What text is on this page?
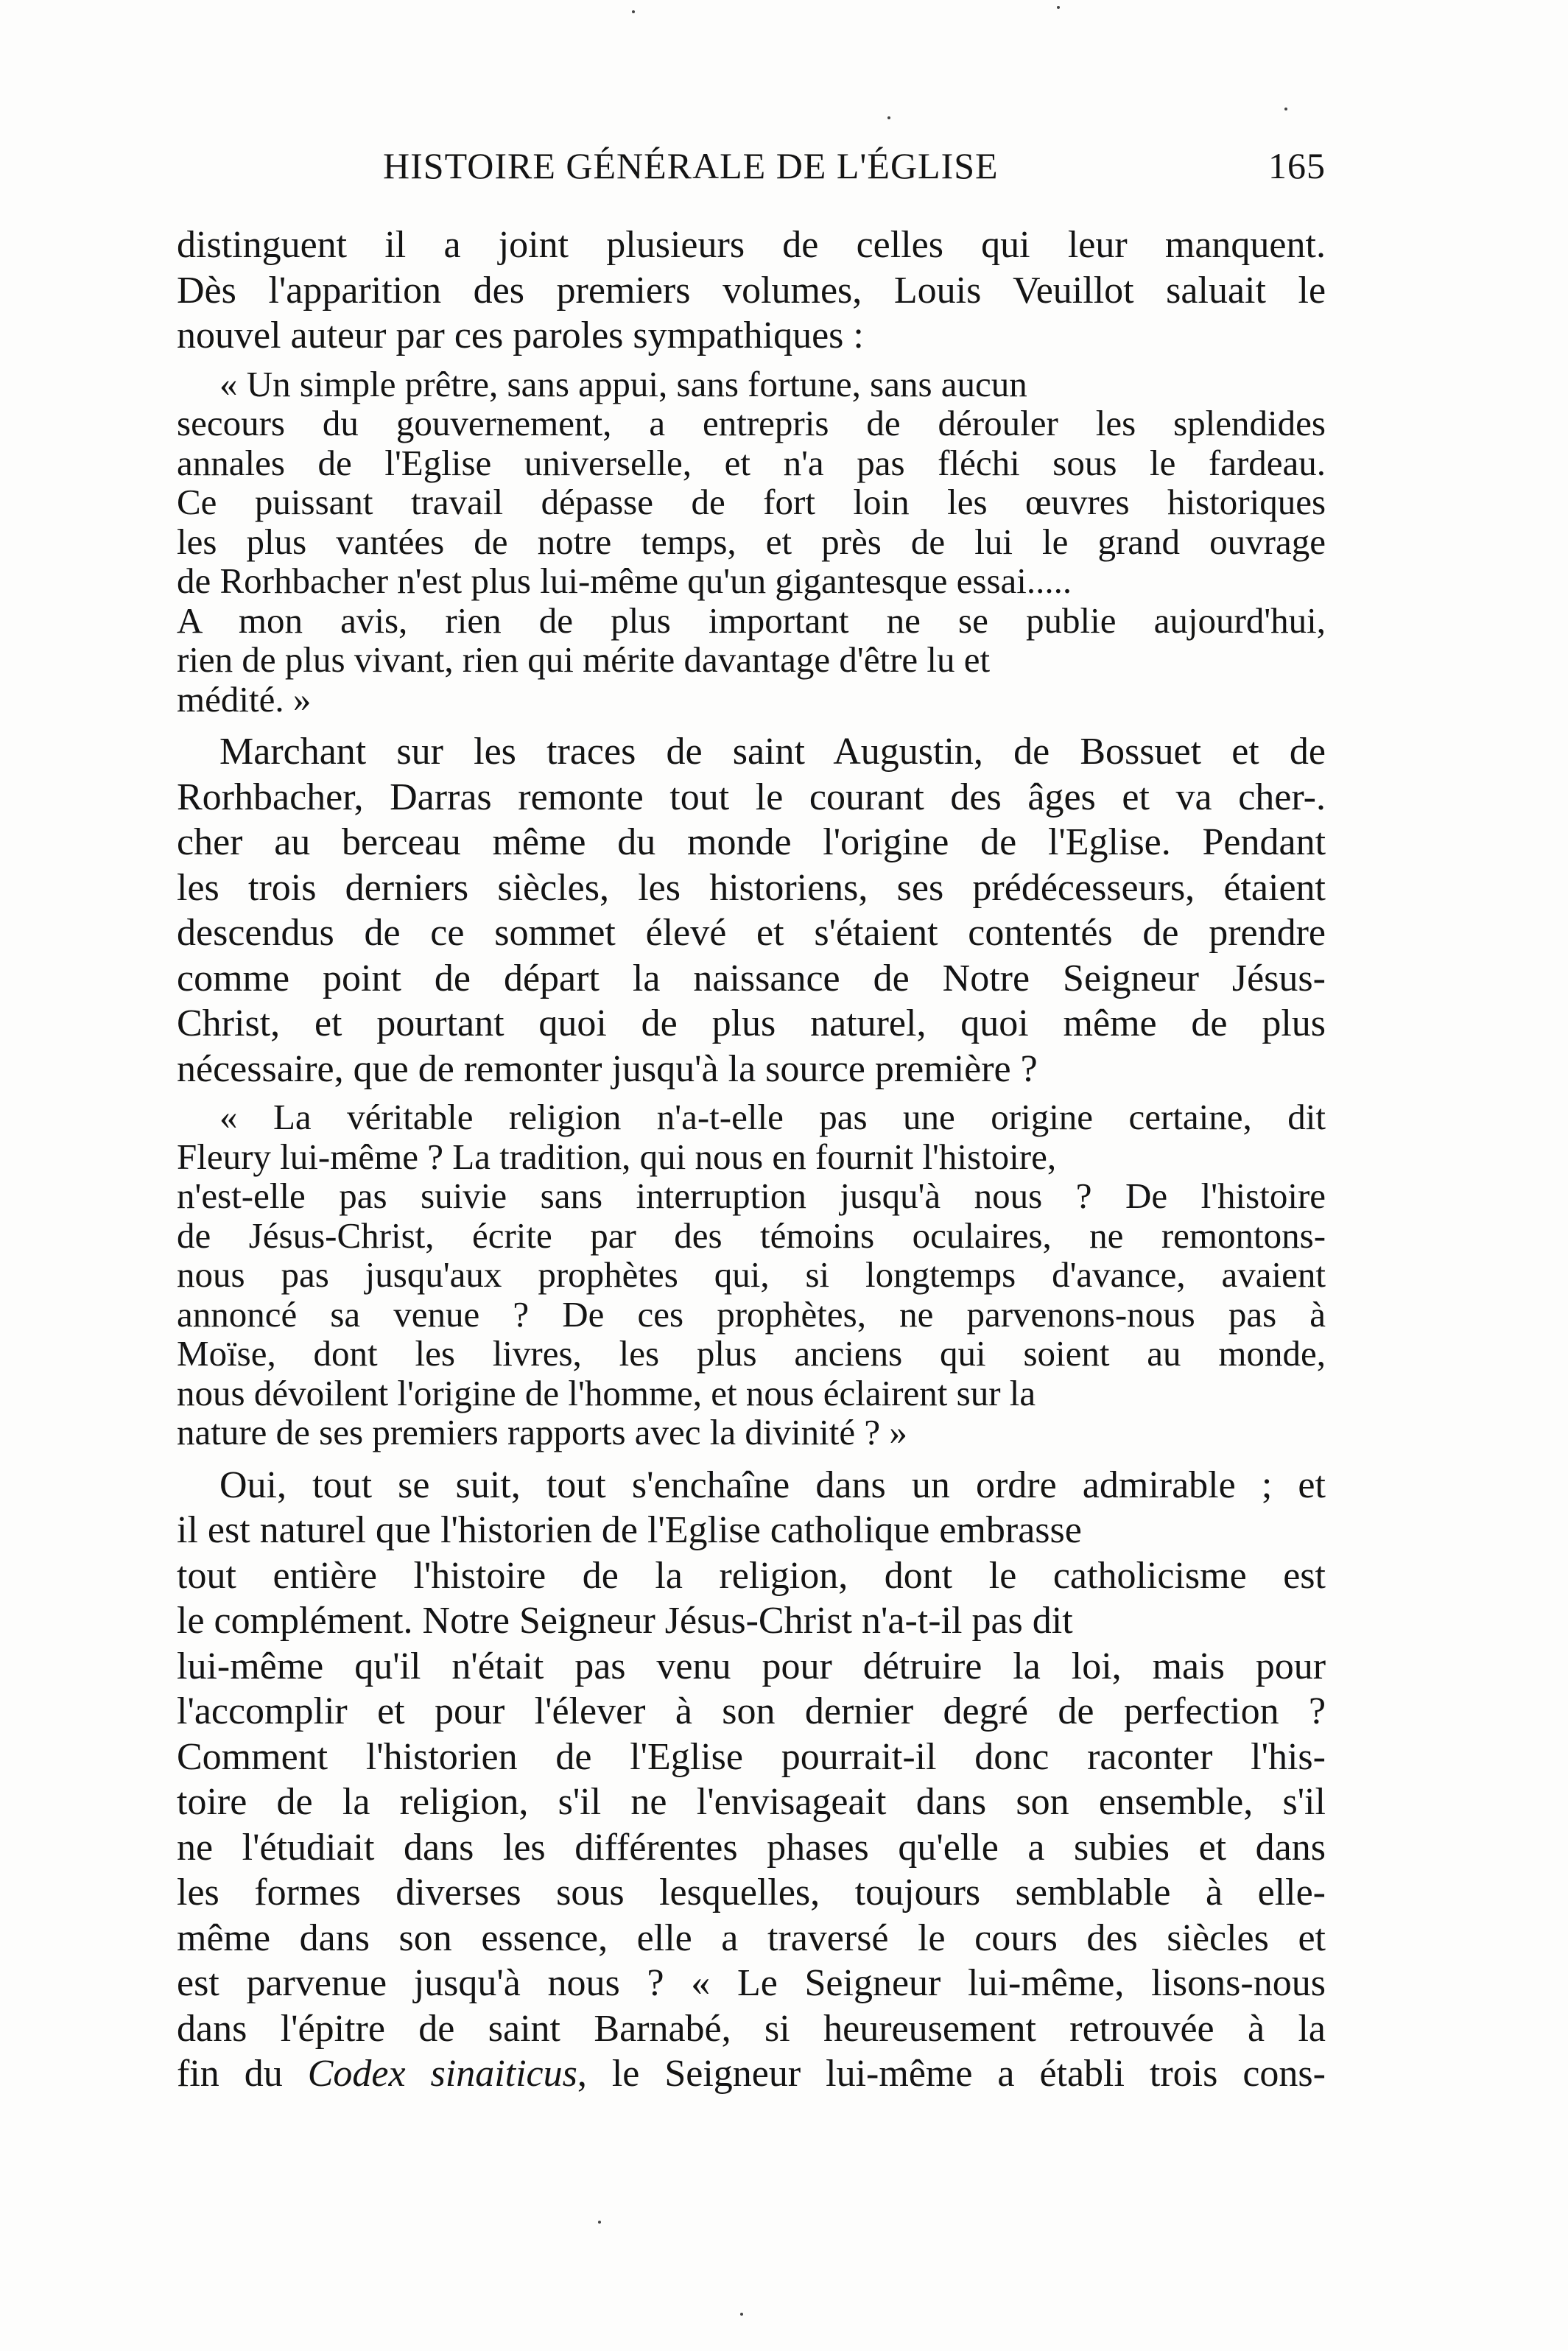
HISTOIRE GÉNÉRALE DE L'ÉGLISE	165
distinguent il a joint plusieurs de celles qui leur manquent.
Dès l'apparition des premiers volumes, Louis Veuillot saluait le
nouvel auteur par ces paroles sympathiques :
« Un simple prêtre, sans appui, sans fortune, sans aucun
secours du gouvernement, a entrepris de dérouler les splendides
annales de l'Eglise universelle, et n'a pas fléchi sous le fardeau.
Ce puissant travail dépasse de fort loin les œuvres historiques
les plus vantées de notre temps, et près de lui le grand ouvrage
de Rorhbacher n'est plus lui-même qu'un gigantesque essai.....
A mon avis, rien de plus important ne se publie aujourd'hui,
rien de plus vivant, rien qui mérite davantage d'être lu et
médité. »
Marchant sur les traces de saint Augustin, de Bossuet et de
Rorhbacher, Darras remonte tout le courant des âges et va cher-.
cher au berceau même du monde l'origine de l'Eglise. Pendant
les trois derniers siècles, les historiens, ses prédécesseurs, étaient
descendus de ce sommet élevé et s'étaient contentés de prendre
comme point de départ la naissance de Notre Seigneur Jésus-
Christ, et pourtant quoi de plus naturel, quoi même de plus
nécessaire, que de remonter jusqu'à la source première ?
« La véritable religion n'a-t-elle pas une origine certaine, dit
Fleury lui-même ? La tradition, qui nous en fournit l'histoire,
n'est-elle pas suivie sans interruption jusqu'à nous ? De l'histoire
de Jésus-Christ, écrite par des témoins oculaires, ne remontons-
nous pas jusqu'aux prophètes qui, si longtemps d'avance, avaient
annoncé sa venue ? De ces prophètes, ne parvenons-nous pas à
Moïse, dont les livres, les plus anciens qui soient au monde,
nous dévoilent l'origine de l'homme, et nous éclairent sur la
nature de ses premiers rapports avec la divinité ? »
Oui, tout se suit, tout s'enchaîne dans un ordre admirable ; et
il est naturel que l'historien de l'Eglise catholique embrasse
tout entière l'histoire de la religion, dont le catholicisme est
le complément. Notre Seigneur Jésus-Christ n'a-t-il pas dit
lui-même qu'il n'était pas venu pour détruire la loi, mais pour
l'accomplir et pour l'élever à son dernier degré de perfection ?
Comment l'historien de l'Eglise pourrait-il donc raconter l'his-
toire de la religion, s'il ne l'envisageait dans son ensemble, s'il
ne l'étudiait dans les différentes phases qu'elle a subies et dans
les formes diverses sous lesquelles, toujours semblable à elle-
même dans son essence, elle a traversé le cours des siècles et
est parvenue jusqu'à nous ? « Le Seigneur lui-même, lisons-nous
dans l'épitre de saint Barnabé, si heureusement retrouvée à la
fin du Codex sinaiticus, le Seigneur lui-même a établi trois cons-
